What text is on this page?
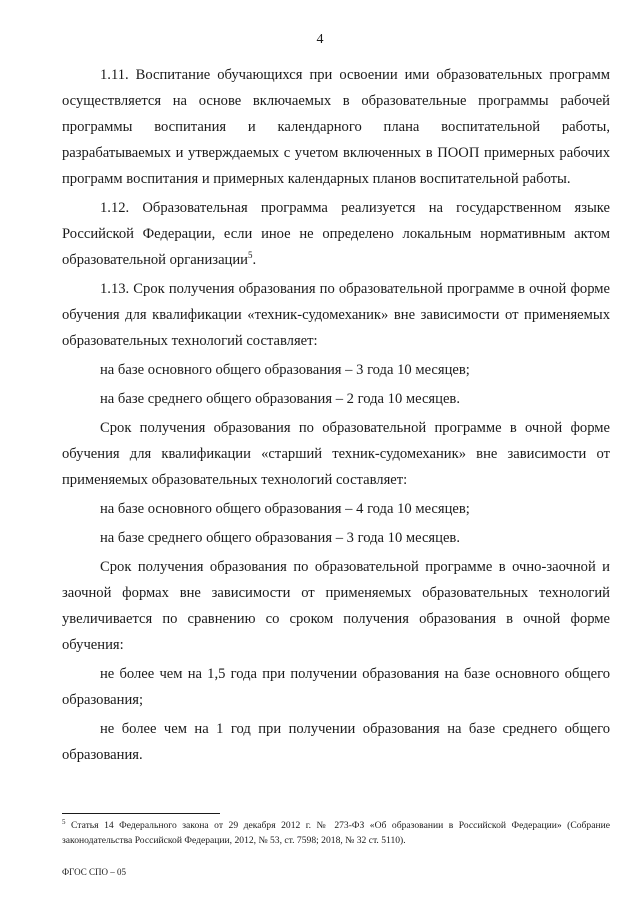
4

1.11. Воспитание обучающихся при освоении ими образовательных программ осуществляется на основе включаемых в образовательные программы рабочей программы воспитания и календарного плана воспитательной работы, разрабатываемых и утверждаемых с учетом включенных в ПООП примерных рабочих программ воспитания и примерных календарных планов воспитательной работы.

1.12. Образовательная программа реализуется на государственном языке Российской Федерации, если иное не определено локальным нормативным актом образовательной организации$^5$.

1.13. Срок получения образования по образовательной программе в очной форме обучения для квалификации «техник-судомеханик» вне зависимости от применяемых образовательных технологий составляет:

на базе основного общего образования – 3 года 10 месяцев;

на базе среднего общего образования – 2 года 10 месяцев.

Срок получения образования по образовательной программе в очной форме обучения для квалификации «старший техник-судомеханик» вне зависимости от применяемых образовательных технологий составляет:

на базе основного общего образования – 4 года 10 месяцев;

на базе среднего общего образования – 3 года 10 месяцев.

Срок получения образования по образовательной программе в очно-заочной и заочной формах вне зависимости от применяемых образовательных технологий увеличивается по сравнению со сроком получения образования в очной форме обучения:

не более чем на 1,5 года при получении образования на базе основного общего образования;

не более чем на 1 год при получении образования на базе среднего общего образования.

$^5$ Статья 14 Федерального закона от 29 декабря 2012 г. № 273-ФЗ «Об образовании в Российской Федерации» (Собрание законодательства Российской Федерации, 2012, № 53, ст. 7598; 2018, № 32 ст. 5110).
ФГОС СПО – 05
